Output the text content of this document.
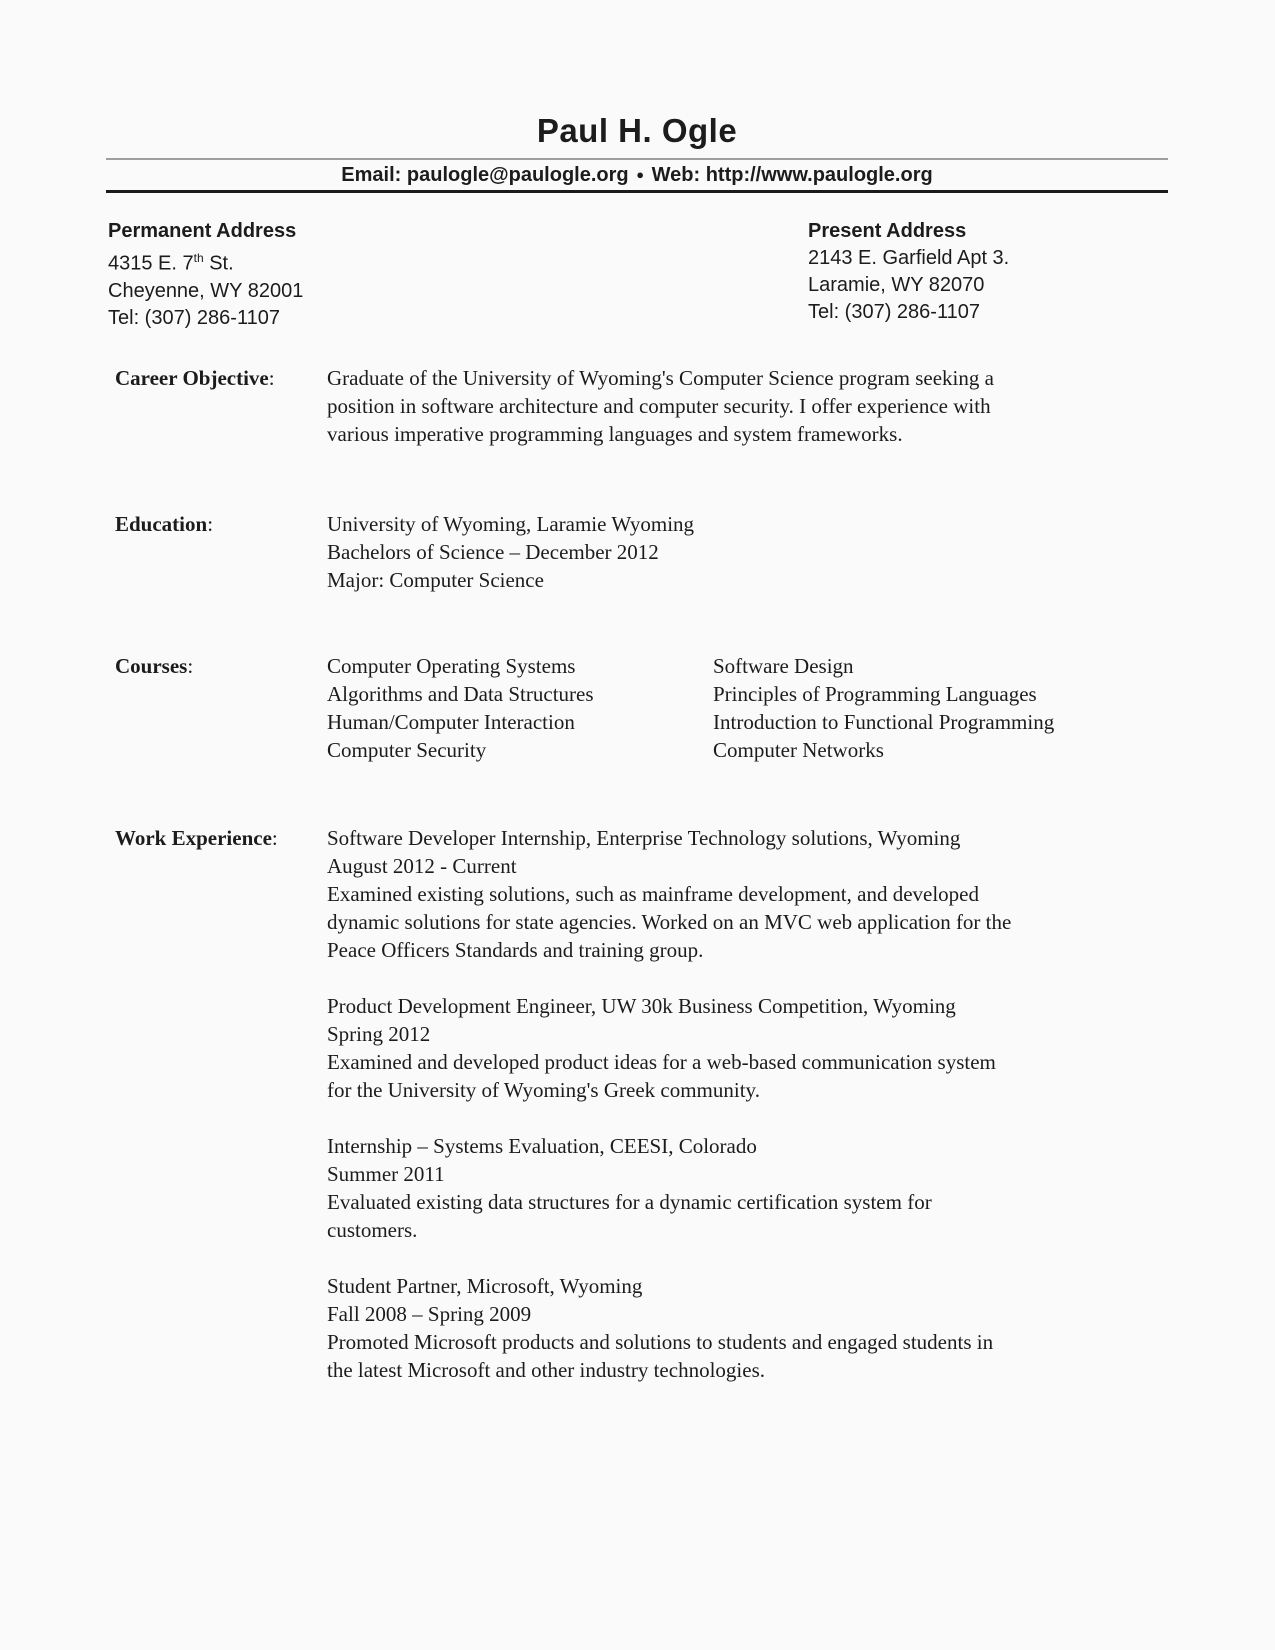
Paul H. Ogle
Email: paulogle@paulogle.org ● Web: http://www.paulogle.org
Permanent Address
4315 E. 7th St.
Cheyenne, WY 82001
Tel: (307) 286-1107
Present Address
2143 E. Garfield Apt 3.
Laramie, WY 82070
Tel: (307) 286-1107
Career Objective:	Graduate of the University of Wyoming's Computer Science program seeking a
position in software architecture and computer security. I offer experience with
various imperative programming languages and system frameworks.
Education:	University of Wyoming, Laramie Wyoming
Bachelors of Science – December 2012
Major: Computer Science
Courses:	Computer Operating Systems	Software Design
Algorithms and Data Structures	Principles of Programming Languages
Human/Computer Interaction	Introduction to Functional Programming
Computer Security	Computer Networks
Work Experience:	Software Developer Internship, Enterprise Technology solutions, Wyoming
August 2012 - Current
Examined existing solutions, such as mainframe development, and developed
dynamic solutions for state agencies. Worked on an MVC web application for the
Peace Officers Standards and training group.
Product Development Engineer, UW 30k Business Competition, Wyoming
Spring 2012
Examined and developed product ideas for a web-based communication system
for the University of Wyoming's Greek community.
Internship – Systems Evaluation, CEESI, Colorado
Summer 2011
Evaluated existing data structures for a dynamic certification system for
customers.
Student Partner, Microsoft, Wyoming
Fall 2008 – Spring 2009
Promoted Microsoft products and solutions to students and engaged students in
the latest Microsoft and other industry technologies.
